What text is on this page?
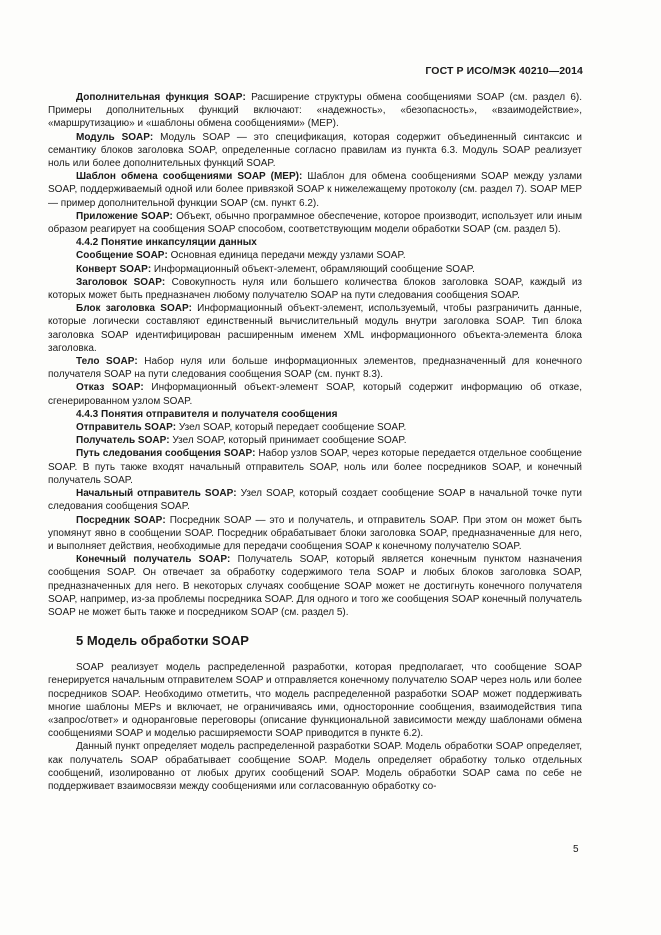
ГОСТ Р ИСО/МЭК 40210—2014

Дополнительная функция SOAP: Расширение структуры обмена сообщениями SOAP (см. раздел 6). Примеры дополнительных функций включают: «надежность», «безопасность», «взаимодействие», «маршрутизацию» и «шаблоны обмена сообщениями» (MEP).

Модуль SOAP: Модуль SOAP — это спецификация, которая содержит объединенный синтаксис и семантику блоков заголовка SOAP, определенные согласно правилам из пункта 6.3. Модуль SOAP реализует ноль или более дополнительных функций SOAP.

Шаблон обмена сообщениями SOAP (MEP): Шаблон для обмена сообщениями SOAP между узлами SOAP, поддерживаемый одной или более привязкой SOAP к нижележащему протоколу (см. раздел 7). SOAP MEP — пример дополнительной функции SOAP (см. пункт 6.2).

Приложение SOAP: Объект, обычно программное обеспечение, которое производит, использует или иным образом реагирует на сообщения SOAP способом, соответствующим модели обработки SOAP (см. раздел 5).

4.4.2 Понятие инкапсуляции данных

Сообщение SOAP: Основная единица передачи между узлами SOAP.

Конверт SOAP: Информационный объект-элемент, обрамляющий сообщение SOAP.

Заголовок SOAP: Совокупность нуля или большего количества блоков заголовка SOAP, каждый из которых может быть предназначен любому получателю SOAP на пути следования сообщения SOAP.

Блок заголовка SOAP: Информационный объект-элемент, используемый, чтобы разграничить данные, которые логически составляют единственный вычислительный модуль внутри заголовка SOAP. Тип блока заголовка SOAP идентифицирован расширенным именем XML информационного объекта-элемента блока заголовка.

Тело SOAP: Набор нуля или больше информационных элементов, предназначенный для конечного получателя SOAP на пути следования сообщения SOAP (см. пункт 8.3).

Отказ SOAP: Информационный объект-элемент SOAP, который содержит информацию об отказе, сгенерированном узлом SOAP.

4.4.3 Понятия отправителя и получателя сообщения

Отправитель SOAP: Узел SOAP, который передает сообщение SOAP.

Получатель SOAP: Узел SOAP, который принимает сообщение SOAP.

Путь следования сообщения SOAP: Набор узлов SOAP, через которые передается отдельное сообщение SOAP. В путь также входят начальный отправитель SOAP, ноль или более посредников SOAP, и конечный получатель SOAP.

Начальный отправитель SOAP: Узел SOAP, который создает сообщение SOAP в начальной точке пути следования сообщения SOAP.

Посредник SOAP: Посредник SOAP — это и получатель, и отправитель SOAP. При этом он может быть упомянут явно в сообщении SOAP. Посредник обрабатывает блоки заголовка SOAP, предназначенные для него, и выполняет действия, необходимые для передачи сообщения SOAP к конечному получателю SOAP.

Конечный получатель SOAP: Получатель SOAP, который является конечным пунктом назначения сообщения SOAP. Он отвечает за обработку содержимого тела SOAP и любых блоков заголовка SOAP, предназначенных для него. В некоторых случаях сообщение SOAP может не достигнуть конечного получателя SOAP, например, из-за проблемы посредника SOAP. Для одного и того же сообщения SOAP конечный получатель SOAP не может быть также и посредником SOAP (см. раздел 5).

5 Модель обработки SOAP

SOAP реализует модель распределенной разработки, которая предполагает, что сообщение SOAP генерируется начальным отправителем SOAP и отправляется конечному получателю SOAP через ноль или более посредников SOAP. Необходимо отметить, что модель распределенной разработки SOAP может поддерживать многие шаблоны MEPs и включает, не ограничиваясь ими, односторонние сообщения, взаимодействия типа «запрос/ответ» и одноранговые переговоры (описание функциональной зависимости между шаблонами обмена сообщениями SOAP и моделью расширяемости SOAP приводится в пункте 6.2).

Данный пункт определяет модель распределенной разработки SOAP. Модель обработки SOAP определяет, как получатель SOAP обрабатывает сообщение SOAP. Модель определяет обработку только отдельных сообщений, изолированно от любых других сообщений SOAP. Модель обработки SOAP сама по себе не поддерживает взаимосвязи между сообщениями или согласованную обработку со-

5
